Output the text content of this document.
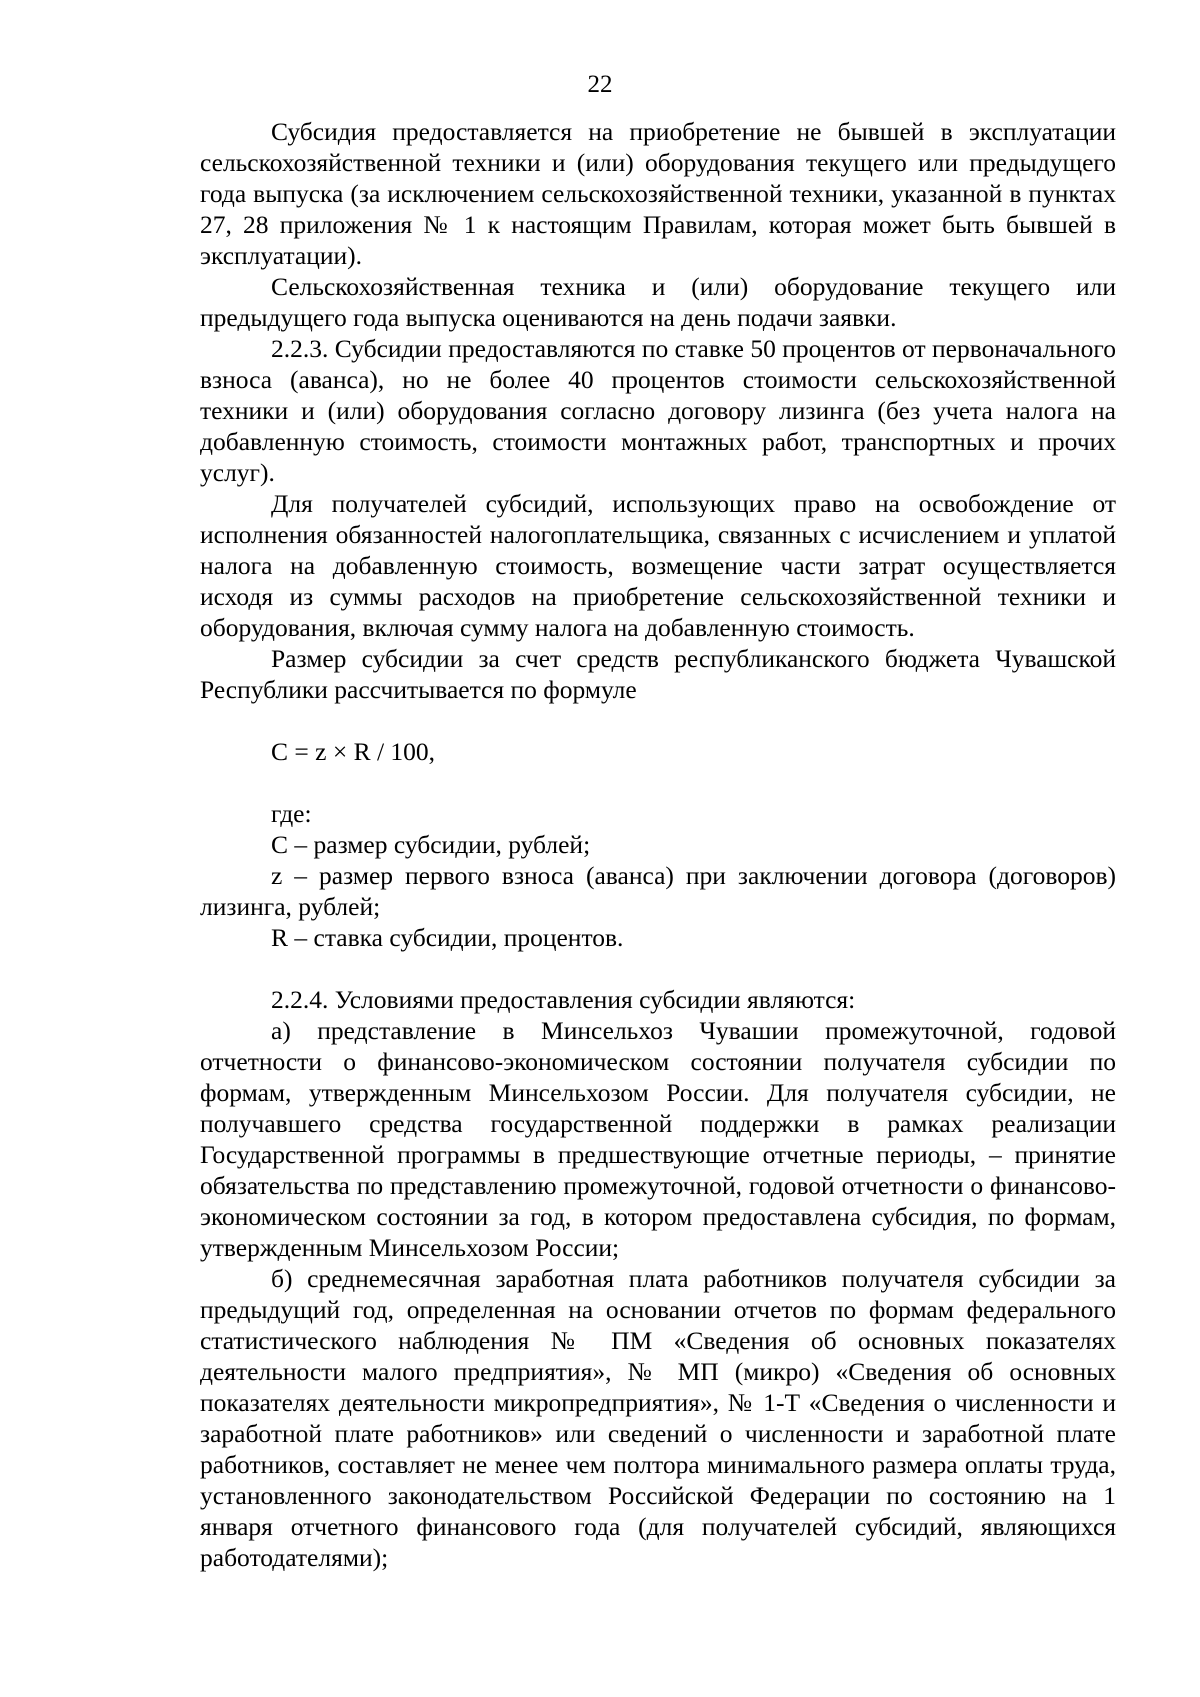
22

Субсидия предоставляется на приобретение не бывшей в эксплуатации сельскохозяйственной техники и (или) оборудования текущего или предыдущего года выпуска (за исключением сельскохозяйственной техники, указанной в пунктах 27, 28 приложения № 1 к настоящим Правилам, которая может быть бывшей в эксплуатации).

Сельскохозяйственная техника и (или) оборудование текущего или предыдущего года выпуска оцениваются на день подачи заявки.

2.2.3. Субсидии предоставляются по ставке 50 процентов от первоначального взноса (аванса), но не более 40 процентов стоимости сельскохозяйственной техники и (или) оборудования согласно договору лизинга (без учета налога на добавленную стоимость, стоимости монтажных работ, транспортных и прочих услуг).

Для получателей субсидий, использующих право на освобождение от исполнения обязанностей налогоплательщика, связанных с исчислением и уплатой налога на добавленную стоимость, возмещение части затрат осуществляется исходя из суммы расходов на приобретение сельскохозяйственной техники и оборудования, включая сумму налога на добавленную стоимость.

Размер субсидии за счет средств республиканского бюджета Чувашской Республики рассчитывается по формуле

C = z × R / 100,

где:

C – размер субсидии, рублей;

z – размер первого взноса (аванса) при заключении договора (договоров) лизинга, рублей;

R – ставка субсидии, процентов.

2.2.4. Условиями предоставления субсидии являются:

а) представление в Минсельхоз Чувашии промежуточной, годовой отчетности о финансово-экономическом состоянии получателя субсидии по формам, утвержденным Минсельхозом России. Для получателя субсидии, не получавшего средства государственной поддержки в рамках реализации Государственной программы в предшествующие отчетные периоды, – принятие обязательства по представлению промежуточной, годовой отчетности о финансово-экономическом состоянии за год, в котором предоставлена субсидия, по формам, утвержденным Минсельхозом России;

б) среднемесячная заработная плата работников получателя субсидии за предыдущий год, определенная на основании отчетов по формам федерального статистического наблюдения № ПМ «Сведения об основных показателях деятельности малого предприятия», № МП (микро) «Сведения об основных показателях деятельности микропредприятия», № 1-Т «Сведения о численности и заработной плате работников» или сведений о численности и заработной плате работников, составляет не менее чем полтора минимального размера оплаты труда, установленного законодательством Российской Федерации по состоянию на 1 января отчетного финансового года (для получателей субсидий, являющихся работодателями);
